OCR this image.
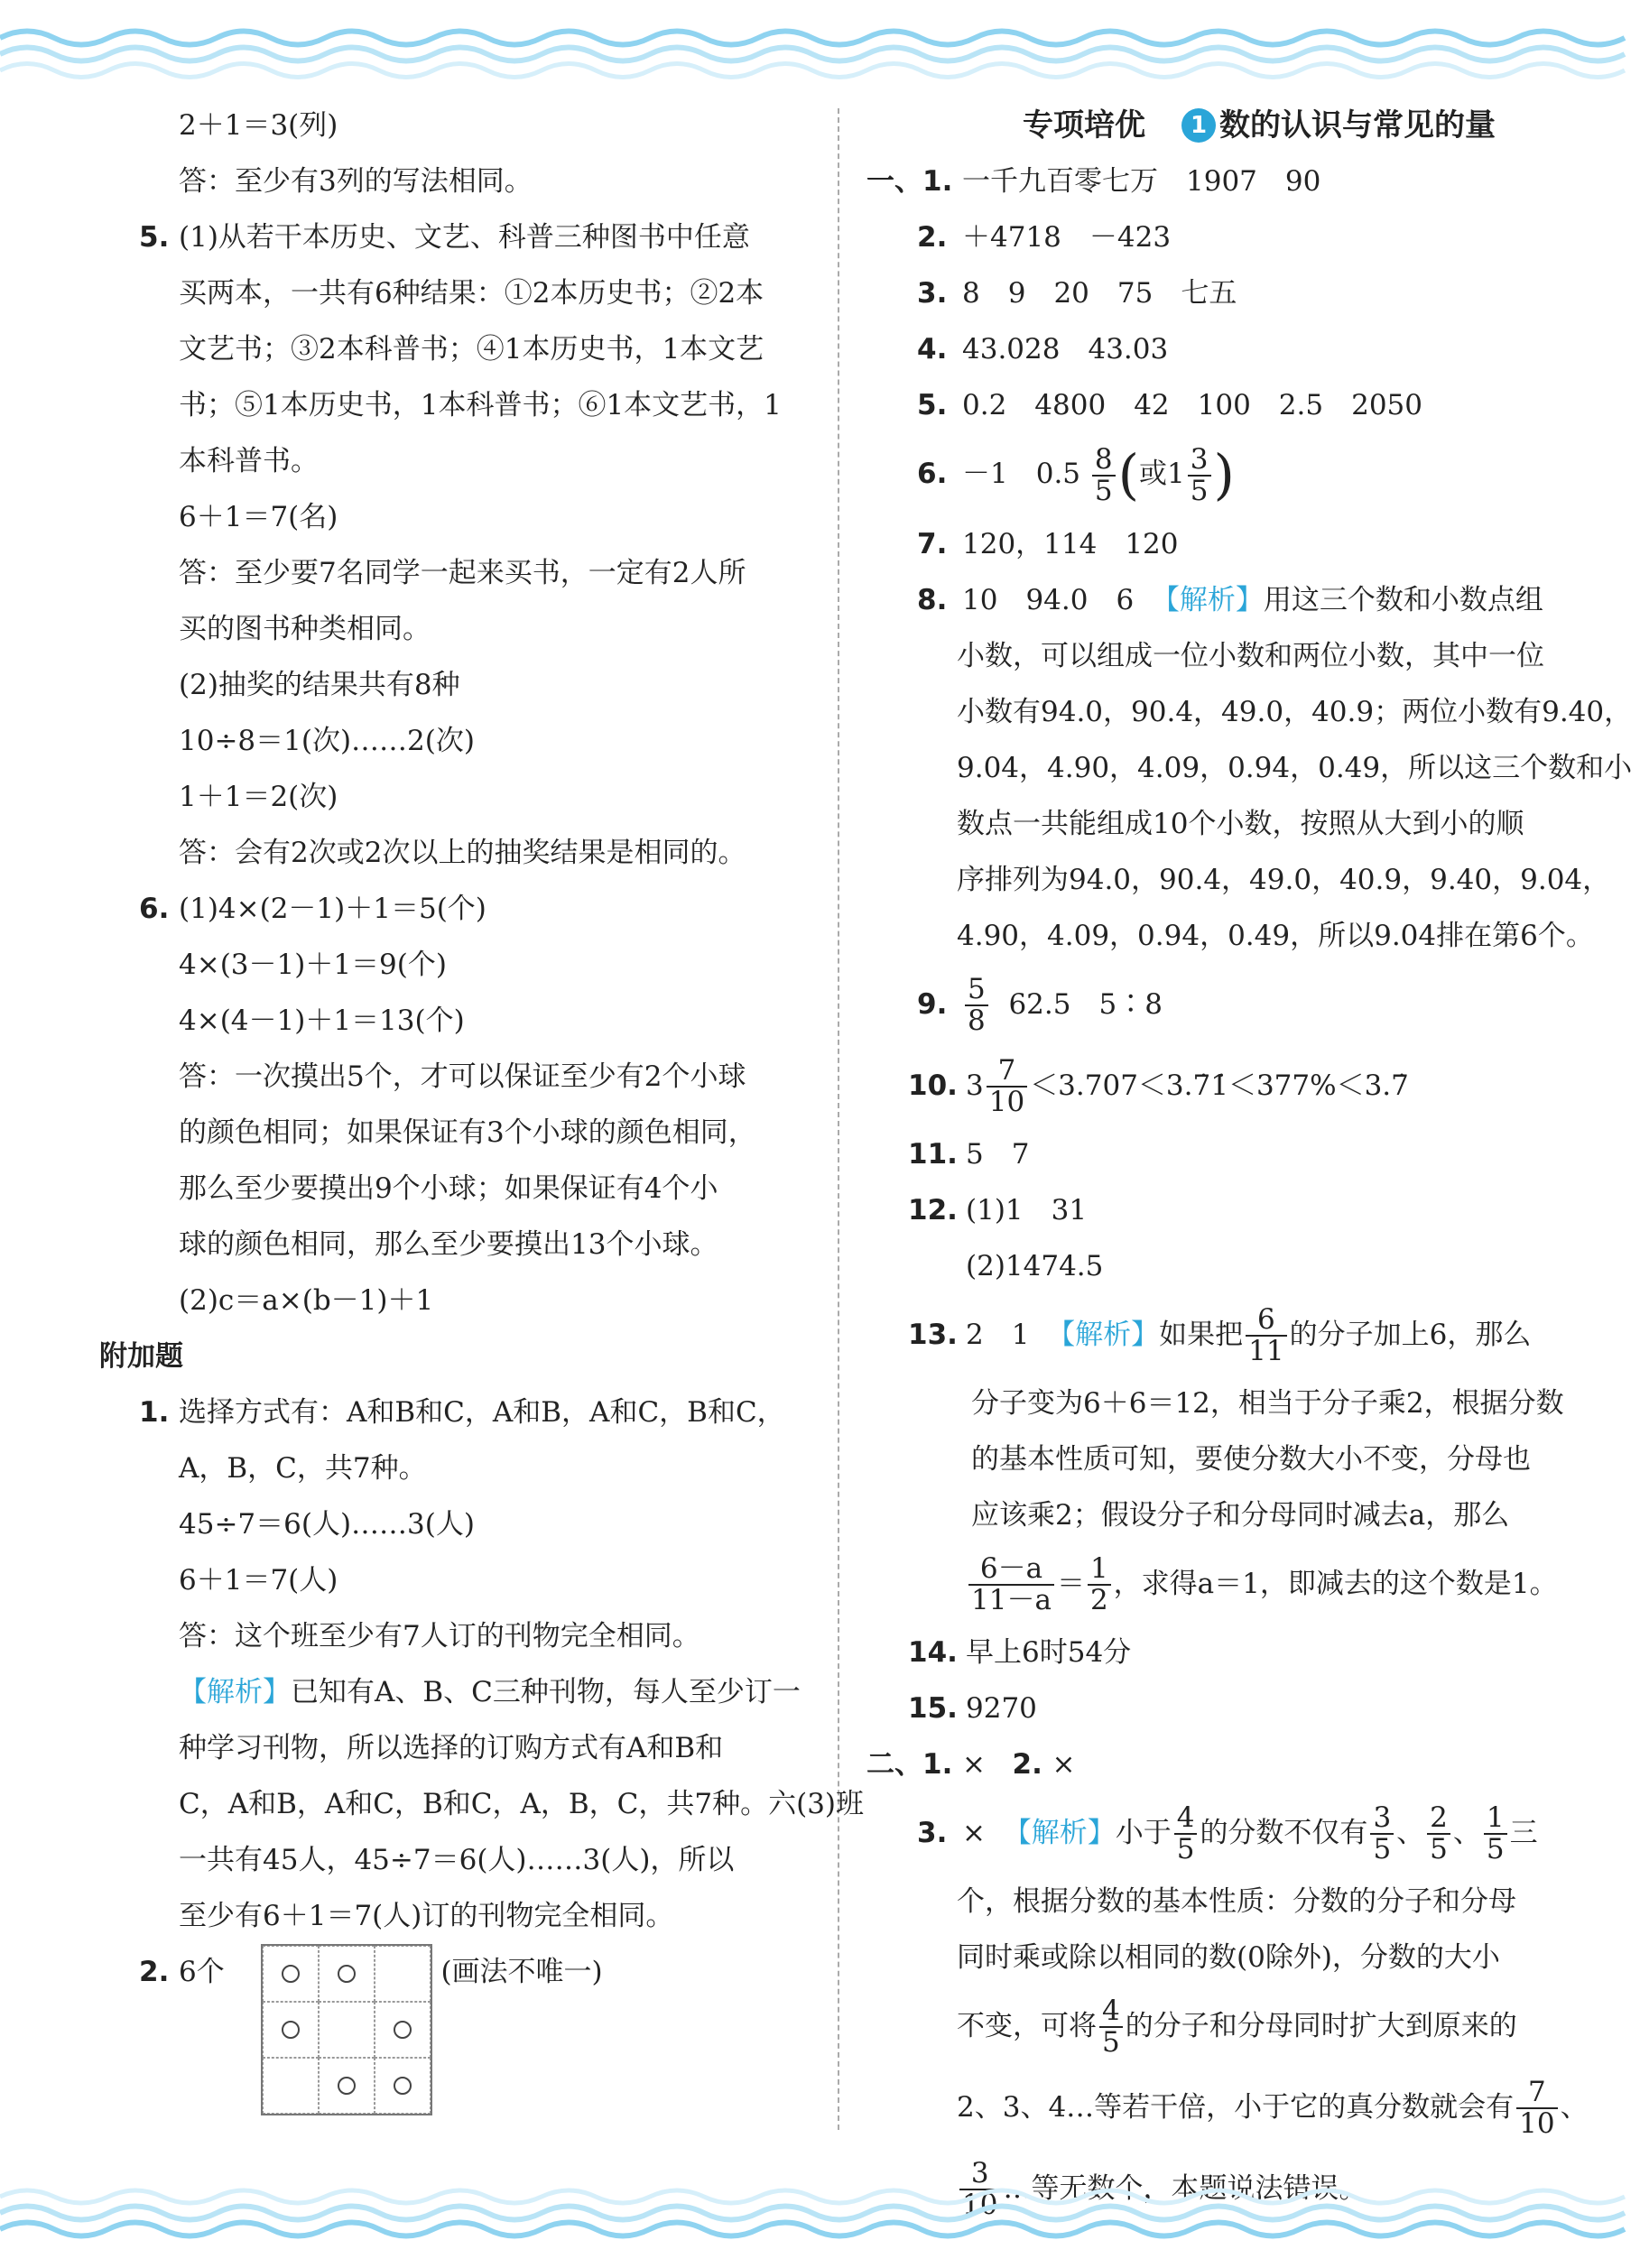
2＋1＝3(列)
答：至少有3列的写法相同。
5. (1)从若干本历史、文艺、科普三种图书中任意
买两本，一共有6种结果：①2本历史书；②2本
文艺书；③2本科普书；④1本历史书，1本文艺
书；⑤1本历史书，1本科普书；⑥1本文艺书，1
本科普书。
6＋1＝7(名)
答：至少要7名同学一起来买书，一定有2人所
买的图书种类相同。
(2)抽奖的结果共有8种
10÷8＝1(次)……2(次)
1＋1＝2(次)
答：会有2次或2次以上的抽奖结果是相同的。
6. (1)4×(2－1)＋1＝5(个)
4×(3－1)＋1＝9(个)
4×(4－1)＋1＝13(个)
答：一次摸出5个，才可以保证至少有2个小球
的颜色相同；如果保证有3个小球的颜色相同，
那么至少要摸出9个小球；如果保证有4个小
球的颜色相同，那么至少要摸出13个小球。
(2)c＝a×(b－1)＋1
附加题
1. 选择方式有：A和B和C，A和B，A和C，B和C，
A，B，C，共7种。
45÷7＝6(人)……3(人)
6＋1＝7(人)
答：这个班至少有7人订的刊物完全相同。
【解析】已知有A、B、C三种刊物，每人至少订一
种学习刊物，所以选择的订购方式有A和B和
C，A和B，A和C，B和C，A，B，C，共7种。六(3)班
一共有45人，45÷7＝6(人)……3(人)，所以
至少有6＋1＝7(人)订的刊物完全相同。
2. 6个	(画法不唯一)
专项培优 1 数的认识与常见的量
一、1. 一千九百零七万　1907　90
2. ＋4718　－423
3. 8　9　20　75　七五
4. 43.028　43.03
5. 0.2　4800　42　100　2.5　2050
6. －1　$0.5 \frac{8}{5}$ (或$1 \frac{3}{5}$ )
7. 120，114　120
8. 10　94.0　6 【解析】用这三个数和小数点组
小数，可以组成一位小数和两位小数，其中一位
小数有94.0，90.4，49.0，40.9；两位小数有9.40，
9.04，4.90，4.09，0.94，0.49，所以这三个数和小
数点一共能组成10个小数，按照从大到小的顺
序排列为94.0，90.4，49.0，40.9，9.40，9.04，
4.90，4.09，0.94，0.49，所以9.04排在第6个。
9. $\frac{5}{8} 62.5$　5∶8
10. $3 \frac{7}{10}$ ＜3.707＜3.7̇1̇＜377%＜3.7̇
11. 5　7
12. (1)1　31
(2)1474.5
13. 2　1 【解析】如果把 $\frac{6}{11}$ 的分子加上6，那么
分子变为6＋6＝12，相当于分子乘2，根据分数
的基本性质可知，要使分数大小不变，分母也
应该乘2；假设分子和分母同时减去a，那么
$\frac{6-a}{11-a} = \frac{1}{2}$ ，求得a＝1，即减去的这个数是1。
14. 早上6时54分
15. 9270
二、1. × 2. ×
3. × 【解析】小于 $\frac{4}{5}$ 的分数不仅有 $\frac{3}{5}$ 、 $\frac{2}{5}$ 、 $\frac{1}{5}$ 三
个，根据分数的基本性质：分数的分子和分母
同时乘或除以相同的数(0除外)，分数的大小
不变，可将 $\frac{4}{5}$ 的分子和分母同时扩大到原来的
2、3、4…等若干倍，小于它的真分数就会有 $\frac{7}{10}$ 、
$\frac{3}{10}$ …等无数个，本题说法错误。
